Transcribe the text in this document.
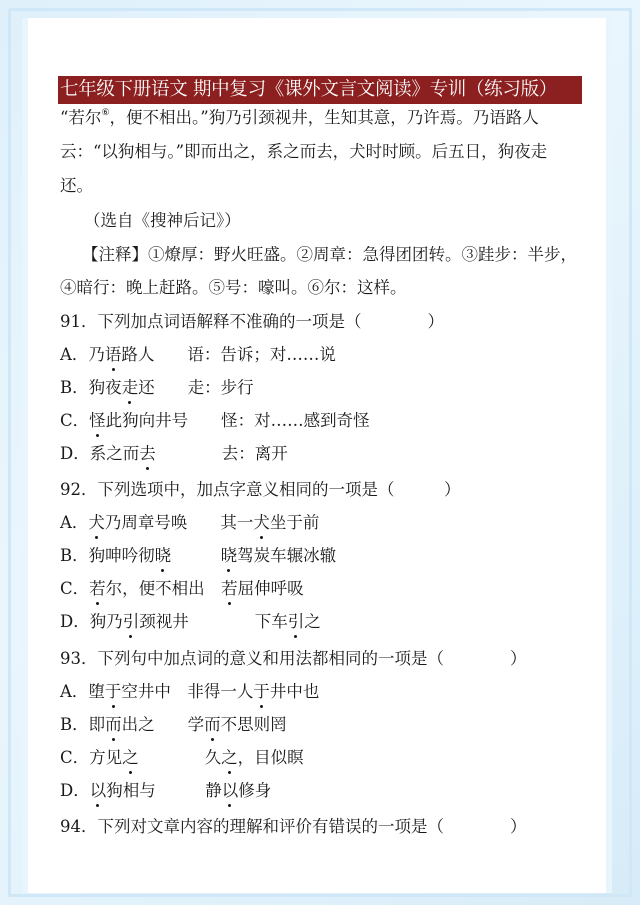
七年级下册语文 期中复习《课外文言文阅读》专训（练习版）
“若尔⑥，便不相出。”狗乃引颈视井，生知其意，乃许焉。乃语路人
云：“以狗相与。”即而出之，系之而去，犬时时顾。后五日，狗夜走
还。
（选自《搜神后记》）
【注释】①燎厚：野火旺盛。②周章：急得团团转。③跬步：半步，
④暗行：晚上赶路。⑤号：嚎叫。⑥尔：这样。
91．下列加点词语解释不准确的一项是（　　　　）
A．乃语路人　　语：告诉；对……说
B．狗夜走还　　走：步行
C．怪此狗向井号　　怪：对……感到奇怪
D．系之而去　　　　去：离开
92．下列选项中，加点字意义相同的一项是（　　　）
A．犬乃周章号唤　　其一犬坐于前
B．狗呻吟彻晓　　　	晓驾炭车辗冰辙
C．若尔，便不相出　若屈伸呼吸
D．狗乃引颈视井　　　　下车引之
93．下列句中加点词的意义和用法都相同的一项是（　　　　）
A．堕于空井中　非得一人于井中也
B．即而出之　　学而不思则罔
C．方见之　　　　久之，目似瞑
D．以狗相与　　　静以修身
94．下列对文章内容的理解和评价有错误的一项是（　　　　）
